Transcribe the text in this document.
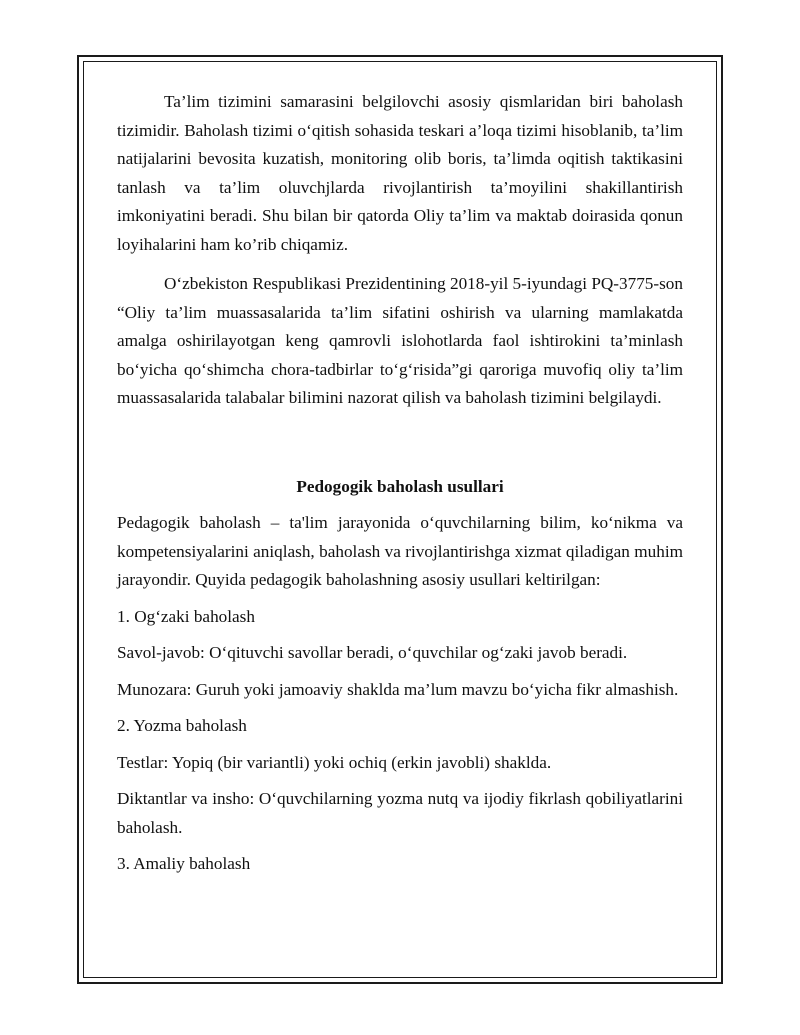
Ta’lim tizimini samarasini belgilovchi asosiy qismlaridan biri baholash tizimidir. Baholash tizimi o‘qitish sohasida teskari a’loqa tizimi hisoblanib, ta’lim natijalarini bevosita kuzatish, monitoring olib boris, ta’limda oqitish taktikasini tanlash va ta’lim oluvchjlarda rivojlantirish ta’moyilini shakillantirish imkoniyatini beradi. Shu bilan bir qatorda Oliy ta’lim va maktab doirasida qonun loyihalarini ham ko’rib chiqamiz.

O‘zbekiston Respublikasi Prezidentining 2018-yil 5-iyundagi PQ-3775-son “Oliy ta’lim muassasalarida ta’lim sifatini oshirish va ularning mamlakatda amalga oshirilayotgan keng qamrovli islohotlarda faol ishtirokini ta’minlash bo‘yicha qo‘shimcha chora-tadbirlar to‘g‘risida”gi qaroriga muvofiq oliy ta’lim muassasalarida talabalar bilimini nazorat qilish va baholash tizimini belgilaydi.

Pedogogik baholash usullari

Pedagogik baholash – ta'lim jarayonida o‘quvchilarning bilim, ko‘nikma va kompetensiyalarini aniqlash, baholash va rivojlantirishga xizmat qiladigan muhim jarayondir. Quyida pedagogik baholashning asosiy usullari keltirilgan:

1. Og‘zaki baholash

Savol-javob: O‘qituvchi savollar beradi, o‘quvchilar og‘zaki javob beradi.

Munozara: Guruh yoki jamoaviy shaklda ma’lum mavzu bo‘yicha fikr almashish.

2. Yozma baholash

Testlar: Yopiq (bir variantli) yoki ochiq (erkin javobli) shaklda.

Diktantlar va insho: O‘quvchilarning yozma nutq va ijodiy fikrlash qobiliyatlarini baholash.

3. Amaliy baholash
